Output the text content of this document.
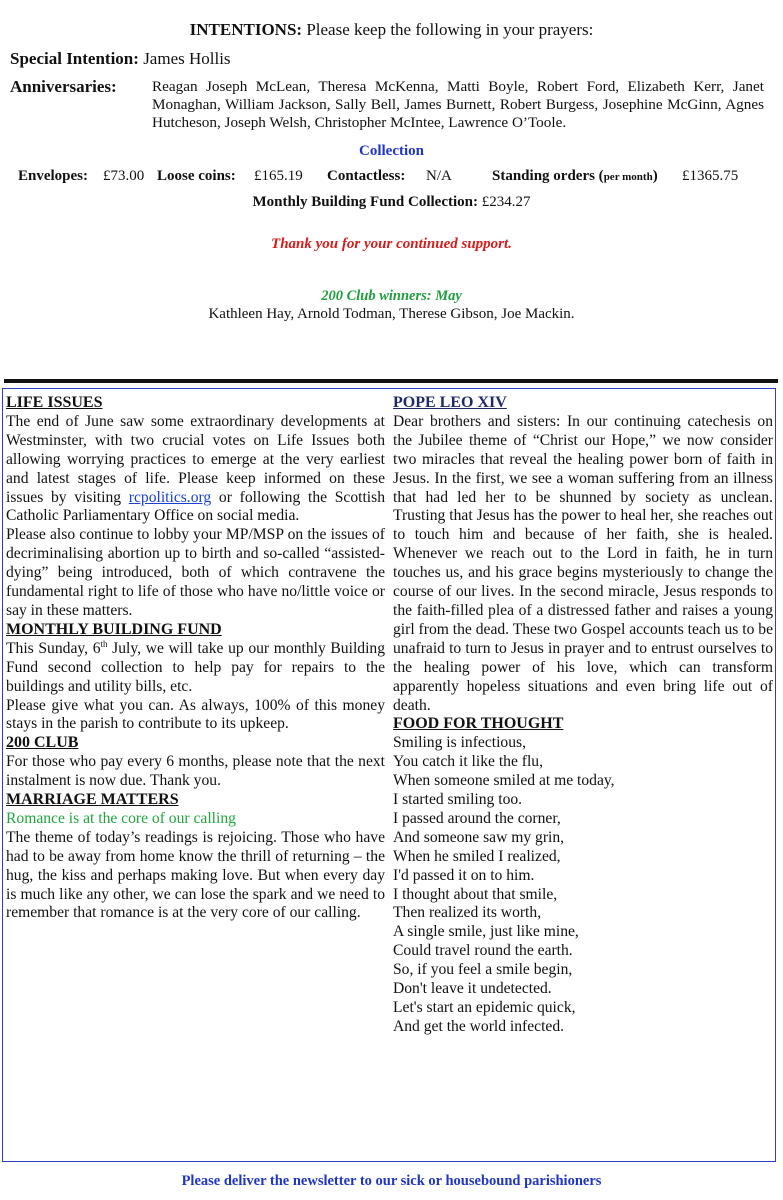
INTENTIONS: Please keep the following in your prayers:
Special Intention: James Hollis
Anniversaries: Reagan Joseph McLean, Theresa McKenna, Matti Boyle, Robert Ford, Elizabeth Kerr, Janet Monaghan, William Jackson, Sally Bell, James Burnett, Robert Burgess, Josephine McGinn, Agnes Hutcheson, Joseph Welsh, Christopher McIntee, Lawrence O’Toole.
Collection
Envelopes: £73.00 Loose coins: £165.19 Contactless: N/A	Standing orders (per month) £1365.75
Monthly Building Fund Collection: £234.27
Thank you for your continued support.
200 Club winners: May
Kathleen Hay, Arnold Todman, Therese Gibson, Joe Mackin.

LIFE ISSUES

The end of June saw some extraordinary developments at Westminster, with two crucial votes on Life Issues both allowing worrying practices to emerge at the very earliest and latest stages of life. Please keep informed on these issues by visiting rcpolitics.org or following the Scottish Catholic Parliamentary Office on social media.

Please also continue to lobby your MP/MSP on the issues of decriminalising abortion up to birth and so-called “assisted-dying” being introduced, both of which contravene the fundamental right to life of those who have no/little voice or say in these matters.

MONTHLY BUILDING FUND

This Sunday, 6th July, we will take up our monthly Building Fund second collection to help pay for repairs to the buildings and utility bills, etc.

Please give what you can. As always, 100% of this money stays in the parish to contribute to its upkeep.

200 CLUB

For those who pay every 6 months, please note that the next instalment is now due. Thank you.

MARRIAGE MATTERS

Romance is at the core of our calling

The theme of today’s readings is rejoicing. Those who have had to be away from home know the thrill of returning – the hug, the kiss and perhaps making love. But when every day is much like any other, we can lose the spark and we need to remember that romance is at the very core of our calling.

POPE LEO XIV

Dear brothers and sisters: In our continuing catechesis on the Jubilee theme of “Christ our Hope,” we now consider two miracles that reveal the healing power born of faith in Jesus. In the first, we see a woman suffering from an illness that had led her to be shunned by society as unclean. Trusting that Jesus has the power to heal her, she reaches out to touch him and because of her faith, she is healed. Whenever we reach out to the Lord in faith, he in turn touches us, and his grace begins mysteriously to change the course of our lives. In the second miracle, Jesus responds to the faith-filled plea of a distressed father and raises a young girl from the dead. These two Gospel accounts teach us to be unafraid to turn to Jesus in prayer and to entrust ourselves to the healing power of his love, which can transform apparently hopeless situations and even bring life out of death.

FOOD FOR THOUGHT

Smiling is infectious,

You catch it like the flu,

When someone smiled at me today,

I started smiling too.

I passed around the corner,

And someone saw my grin,

When he smiled I realized,

I'd passed it on to him.

I thought about that smile,

Then realized its worth,

A single smile, just like mine,

Could travel round the earth.

So, if you feel a smile begin,

Don't leave it undetected.

Let's start an epidemic quick,

And get the world infected.

Please deliver the newsletter to our sick or housebound parishioners
